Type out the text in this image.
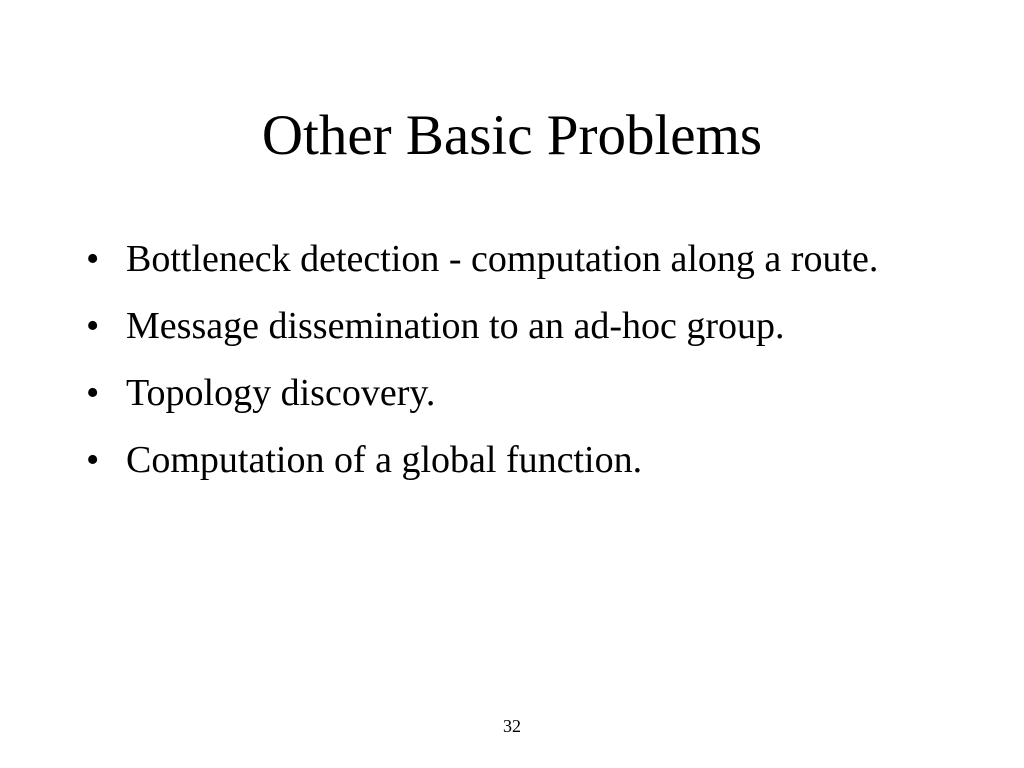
Other Basic Problems
• Bottleneck detection - computation along a route.
• Message dissemination to an ad-hoc group.
• Topology discovery.
• Computation of a global function.
32
